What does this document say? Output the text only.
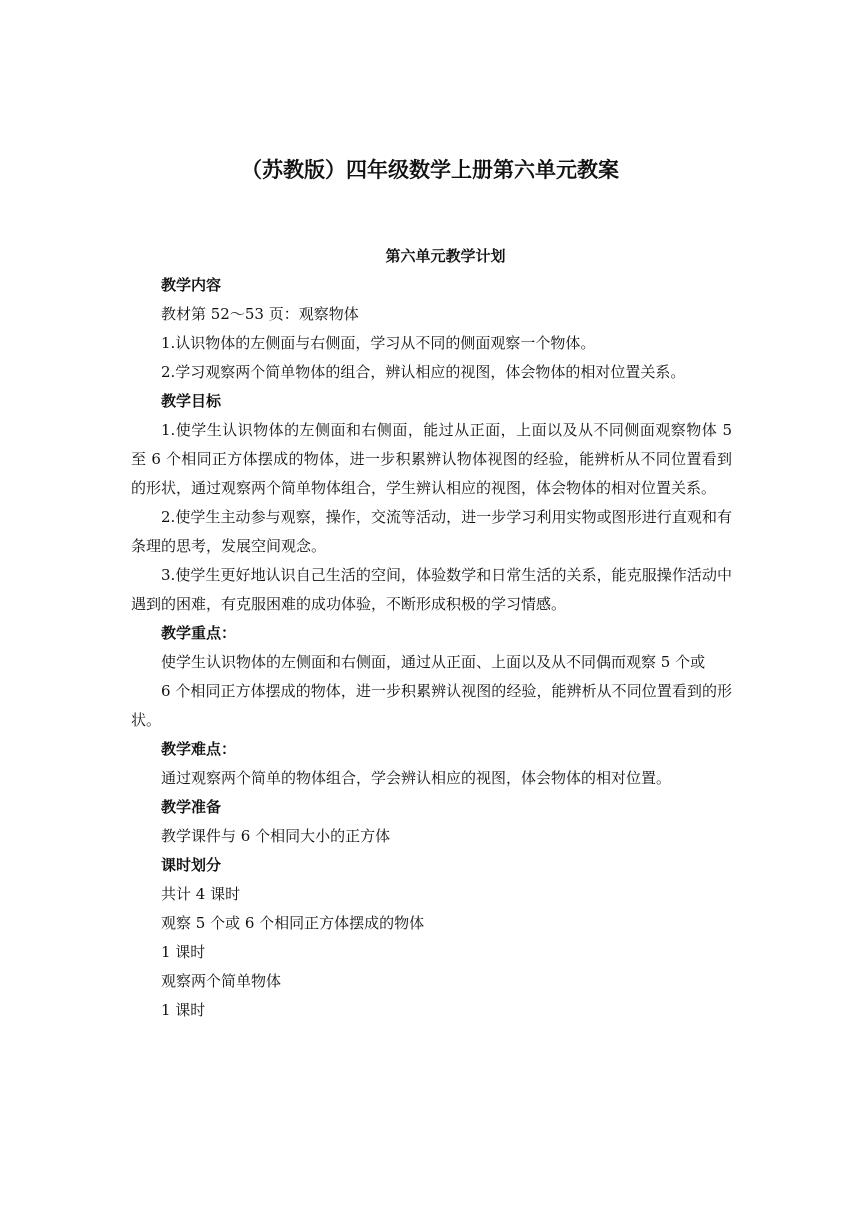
（苏教版）四年级数学上册第六单元教案
第六单元教学计划

教学内容

教材第 52～53 页：观察物体

1.认识物体的左侧面与右侧面，学习从不同的侧面观察一个物体。

2.学习观察两个简单物体的组合，辨认相应的视图，体会物体的相对位置关系。

教学目标

1.使学生认识物体的左侧面和右侧面，能过从正面，上面以及从不同侧面观察物体 5 至 6 个相同正方体摆成的物体，进一步积累辨认物体视图的经验，能辨析从不同位置看到的形状，通过观察两个简单物体组合，学生辨认相应的视图，体会物体的相对位置关系。

2.使学生主动参与观察，操作，交流等活动，进一步学习利用实物或图形进行直观和有条理的思考，发展空间观念。

3.使学生更好地认识自己生活的空间，体验数学和日常生活的关系，能克服操作活动中遇到的困难，有克服困难的成功体验，不断形成积极的学习情感。

教学重点：

使学生认识物体的左侧面和右侧面，通过从正面、上面以及从不同偶而观察 5 个或

6 个相同正方体摆成的物体，进一步积累辨认视图的经验，能辨析从不同位置看到的形状。

教学难点：

通过观察两个简单的物体组合，学会辨认相应的视图，体会物体的相对位置。

教学准备

教学课件与 6 个相同大小的正方体

课时划分

共计 4 课时

观察 5 个或 6 个相同正方体摆成的物体

1 课时

观察两个简单物体

1 课时
